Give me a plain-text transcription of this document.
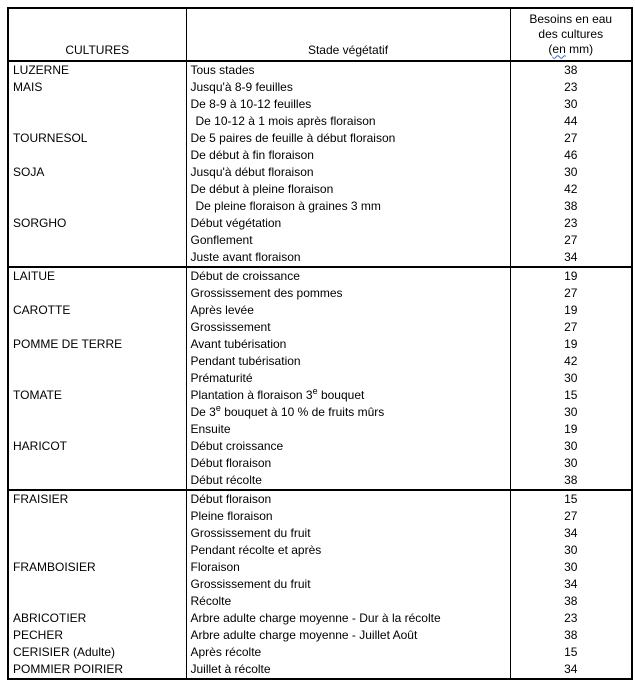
CULTURES	Stade végétatif	Besoins en eau
des cultures
(en mm)
LUZERNE	Tous stades	38
MAIS	Jusqu'à 8-9 feuilles	23
	De 8-9 à 10-12 feuilles	30
	De 10-12 à 1 mois après floraison	44
TOURNESOL	De 5 paires de feuille à début floraison	27
	De début à fin floraison	46
SOJA	Jusqu'à début floraison	30
	De début à pleine floraison	42
	De pleine floraison à graines 3 mm	38
SORGHO	Début végétation	23
	Gonflement	27
	Juste avant floraison	34
LAITUE	Début de croissance	19
	Grossissement des pommes	27
CAROTTE	Après levée	19
	Grossissement	27
POMME DE TERRE	Avant tubérisation	19
	Pendant tubérisation	42
	Prématurité	30
TOMATE	Plantation à floraison 3e bouquet	15
	De 3e bouquet à 10 % de fruits mûrs	30
	Ensuite	19
HARICOT	Début croissance	30
	Début floraison	30
	Début récolte	38
FRAISIER	Début floraison	15
	Pleine floraison	27
	Grossissement du fruit	34
	Pendant récolte et après	30
FRAMBOISIER	Floraison	30
	Grossissement du fruit	34
	Récolte	38
ABRICOTIER	Arbre adulte charge moyenne - Dur à la récolte	23
PECHER	Arbre adulte charge moyenne - Juillet Août	38
CERISIER (Adulte)	Après récolte	15
POMMIER POIRIER	Juillet à récolte	34
